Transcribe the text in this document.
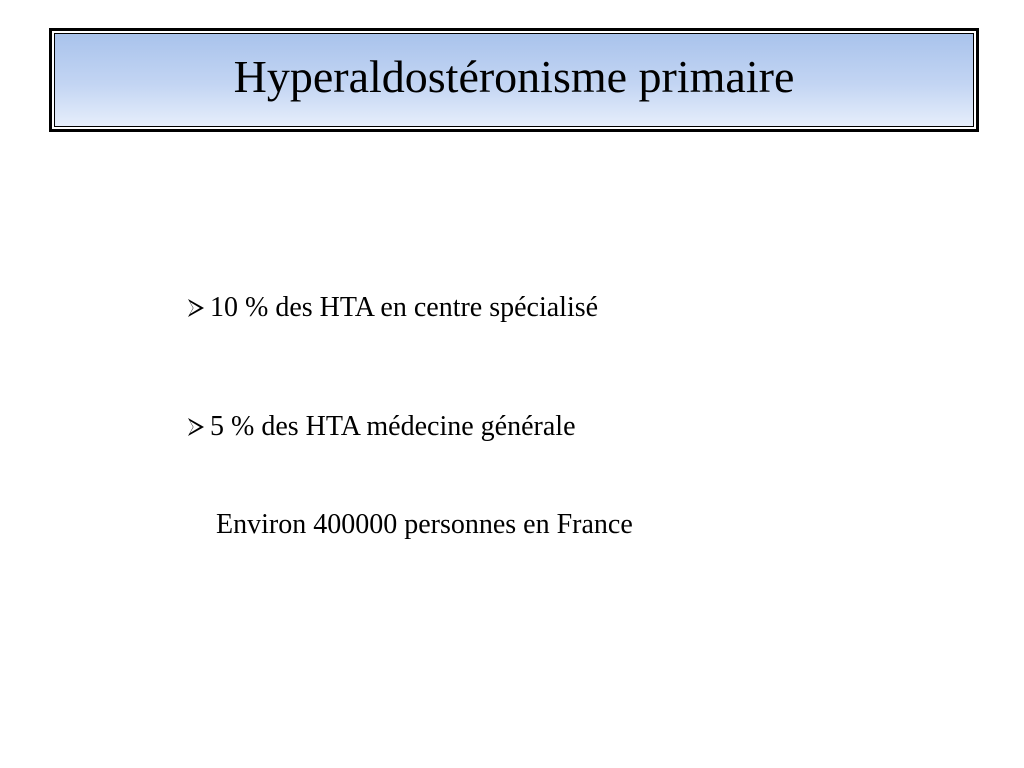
Hyperaldostéronisme primaire
10 % des HTA en centre spécialisé
5 % des HTA médecine générale
Environ 400000 personnes en France
